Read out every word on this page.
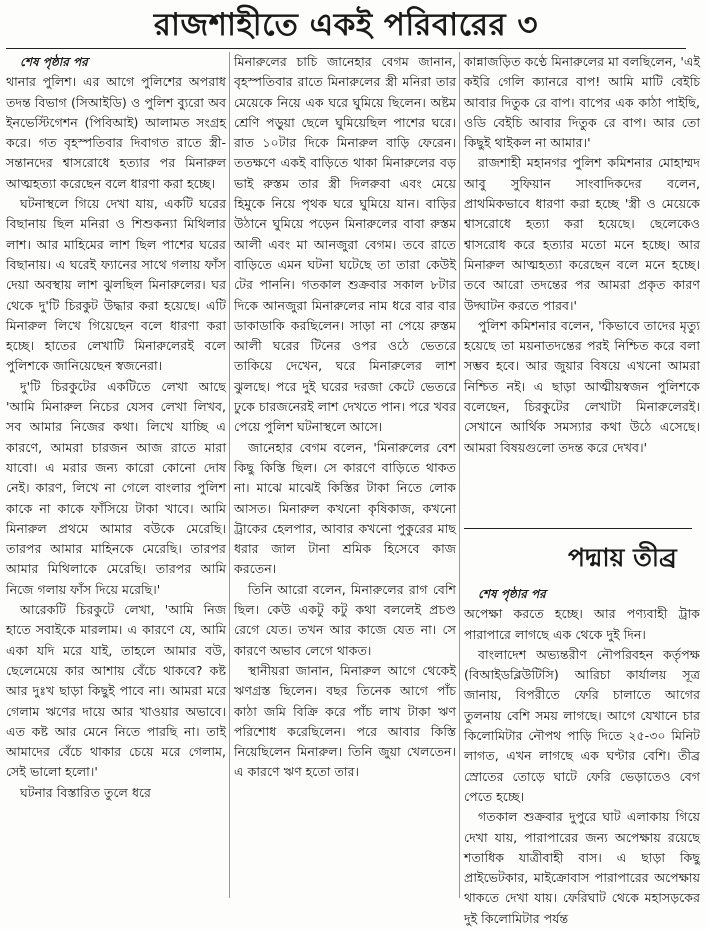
রাজশাহীতে একই পরিবারের ৩

শেষ পৃষ্ঠার পর

থানার পুলিশ। এর আগে পুলিশের অপরাধ তদন্ত বিভাগ (সিআইডি) ও পুলিশ ব্যুরো অব ইনভেস্টিগেশন (পিবিআই) আলামত সংগ্রহ করে। গত বৃহস্পতিবার দিবাগত রাতে স্ত্রী-সন্তানদের শ্বাসরোধে হত্যার পর মিনারুল আত্মহত্যা করেছেন বলে ধারণা করা হচ্ছে।

ঘটনাস্থলে গিয়ে দেখা যায়, একটি ঘরের বিছানায় ছিল মনিরা ও শিশুকন্যা মিথিলার লাশ। আর মাহিমের লাশ ছিল পাশের ঘরের বিছানায়। এ ঘরেই ফ্যানের সাথে গলায় ফাঁস দেয়া অবস্থায় লাশ ঝুলছিল মিনারুলের। ঘর থেকে দু'টি চিরকুট উদ্ধার করা হয়েছে। এটি মিনারুল লিখে গিয়েছেন বলে ধারণা করা হচ্ছে। হাতের লেখাটি মিনারুলেরই বলে পুলিশকে জানিয়েছেন স্বজনেরা।

দু'টি চিরকুটের একটিতে লেখা আছে 'আমি মিনারুল নিচের যেসব লেখা লিখব, সব আমার নিজের কথা। লিখে যাচ্ছি এ কারণে, আমরা চারজন আজ রাতে মারা যাবো। এ মরার জন্য কারো কোনো দোষ নেই। কারণ, লিখে না গেলে বাংলার পুলিশ কাকে না কাকে ফাঁসিয়ে টাকা খাবে। আমি মিনারুল প্রথমে আমার বউকে মেরেছি। তারপর আমার মাহিনকে মেরেছি। তারপর আমার মিথিলাকে মেরেছি। তারপর আমি নিজে গলায় ফাঁস দিয়ে মরেছি।'

আরেকটি চিরকুটে লেখা, 'আমি নিজ হাতে সবাইকে মারলাম। এ কারণে যে, আমি একা যদি মরে যাই, তাহলে আমার বউ, ছেলেমেয়ে কার আশায় বেঁচে থাকবে? কষ্ট আর দুঃখ ছাড়া কিছুই পাবে না। আমরা মরে গেলাম ঋণের দায়ে আর খাওয়ার অভাবে। এত কষ্ট আর মেনে নিতে পারছি না। তাই আমাদের বেঁচে থাকার চেয়ে মরে গেলাম, সেই ভালো হলো।'

ঘটনার বিস্তারিত তুলে ধরে

মিনারুলের চাচি জানেহার বেগম জানান, বৃহস্পতিবার রাতে মিনারুলের স্ত্রী মনিরা তার মেয়েকে নিয়ে এক ঘরে ঘুমিয়ে ছিলেন। অষ্টম শ্রেণি পড়ুয়া ছেলে ঘুমিয়েছিল পাশের ঘরে। রাত ১০টার দিকে মিনারুল বাড়ি ফেরেন। ততক্ষণে একই বাড়িতে থাকা মিনারুলের বড় ভাই রুস্তম তার স্ত্রী দিলরুবা এবং মেয়ে হিমুকে নিয়ে পৃথক ঘরে ঘুমিয়ে যান। বাড়ির উঠানে ঘুমিয়ে পড়েন মিনারুলের বাবা রুস্তম আলী এবং মা আনজুরা বেগম। তবে রাতে বাড়িতে এমন ঘটনা ঘটেছে তা তারা কেউই টের পাননি। গতকাল শুক্রবার সকাল ৮টার দিকে আনজুরা মিনারুলের নাম ধরে বার বার ডাকাডাকি করছিলেন। সাড়া না পেয়ে রুস্তম আলী ঘরের টিনের ওপর ওঠে ভেতরে তাকিয়ে দেখেন, ঘরে মিনারুলের লাশ ঝুলছে। পরে দুই ঘরের দরজা কেটে ভেতরে ঢুকে চারজনেরই লাশ দেখতে পান। পরে খবর পেয়ে পুলিশ ঘটনাস্থলে আসে।

জানেহার বেগম বলেন, 'মিনারুলের বেশ কিছু কিস্তি ছিল। সে কারণে বাড়িতে থাকত না। মাঝে মাঝেই কিস্তির টাকা নিতে লোক আসত। মিনারুল কখনো কৃষিকাজ, কখনো ট্রাকের হেলপার, আবার কখনো পুকুরের মাছ ধরার জাল টানা শ্রমিক হিসেবে কাজ করতেন।

তিনি আরো বলেন, মিনারুলের রাগ বেশি ছিল। কেউ একটু কটু কথা বললেই প্রচণ্ড রেগে যেত। তখন আর কাজে যেত না। সে কারণে অভাব লেগে থাকত।

স্থানীয়রা জানান, মিনারুল আগে থেকেই ঋণগ্রস্ত ছিলেন। বছর তিনেক আগে পাঁচ কাঠা জমি বিক্রি করে পাঁচ লাখ টাকা ঋণ পরিশোধ করেছিলেন। পরে আবার কিস্তি নিয়েছিলেন মিনারুল। তিনি জুয়া খেলতেন। এ কারণে ঋণ হতো তার।

কান্নাজড়িত কণ্ঠে মিনারুলের মা বলছিলেন, 'এই কইরি গেলি ক্যানরে বাপ! আমি মাটি বেইচি আবার দিতুক রে বাপ। বাপের এক কাঠা পাইছি, ওডি বেইচি আবার দিতুক রে বাপ। আর তো কিছুই থাইকল না আমার।'

রাজশাহী মহানগর পুলিশ কমিশনার মোহাম্মদ আবু সুফিয়ান সাংবাদিকদের বলেন, প্রাথমিকভাবে ধারণা করা হচ্ছে 'স্ত্রী ও মেয়েকে শ্বাসরোধে হত্যা করা হয়েছে। ছেলেকেও শ্বাসরোধ করে হত্যার মতো মনে হচ্ছে। আর মিনারুল আত্মহত্যা করেছেন বলে মনে হচ্ছে। তবে আরো তদন্তের পর আমরা প্রকৃত কারণ উদ্ঘাটন করতে পারব।'

পুলিশ কমিশনার বলেন, 'কিভাবে তাদের মৃত্যু হয়েছে তা ময়নাতদন্তের পরই নিশ্চিত করে বলা সম্ভব হবে। আর জুয়ার বিষয়ে এখনো আমরা নিশ্চিত নই। এ ছাড়া আত্মীয়স্বজন পুলিশকে বলেছেন, চিরকুটের লেখাটা মিনারুলেরই। সেখানে আর্থিক সমস্যার কথা উঠে এসেছে। আমরা বিষয়গুলো তদন্ত করে দেখব।'

পদ্মায় তীব্র

শেষ পৃষ্ঠার পর

অপেক্ষা করতে হচ্ছে। আর পণ্যবাহী ট্রাক পারাপারে লাগছে এক থেকে দুই দিন।

বাংলাদেশ অভ্যন্তরীণ নৌপরিবহন কর্তৃপক্ষ (বিআইডব্লিউটিসি) আরিচা কার্যালয় সূত্র জানায়, বিপরীতে ফেরি চালাতে আগের তুলনায় বেশি সময় লাগছে। আগে যেখানে চার কিলোমিটার নৌপথ পাড়ি দিতে ২৫-৩০ মিনিট লাগত, এখন লাগছে এক ঘণ্টার বেশি। তীব্র স্রোতের তোড়ে ঘাটে ফেরি ভেড়াতেও বেগ পেতে হচ্ছে।

গতকাল শুক্রবার দুপুরে ঘাট এলাকায় গিয়ে দেখা যায়, পারাপারের জন্য অপেক্ষায় রয়েছে শতাধিক যাত্রীবাহী বাস। এ ছাড়া কিছু প্রাইভেটকার, মাইক্রোবাস পারাপারের অপেক্ষায় থাকতে দেখা যায়। ফেরিঘাট থেকে মহাসড়কের দুই কিলোমিটার পর্যন্ত
